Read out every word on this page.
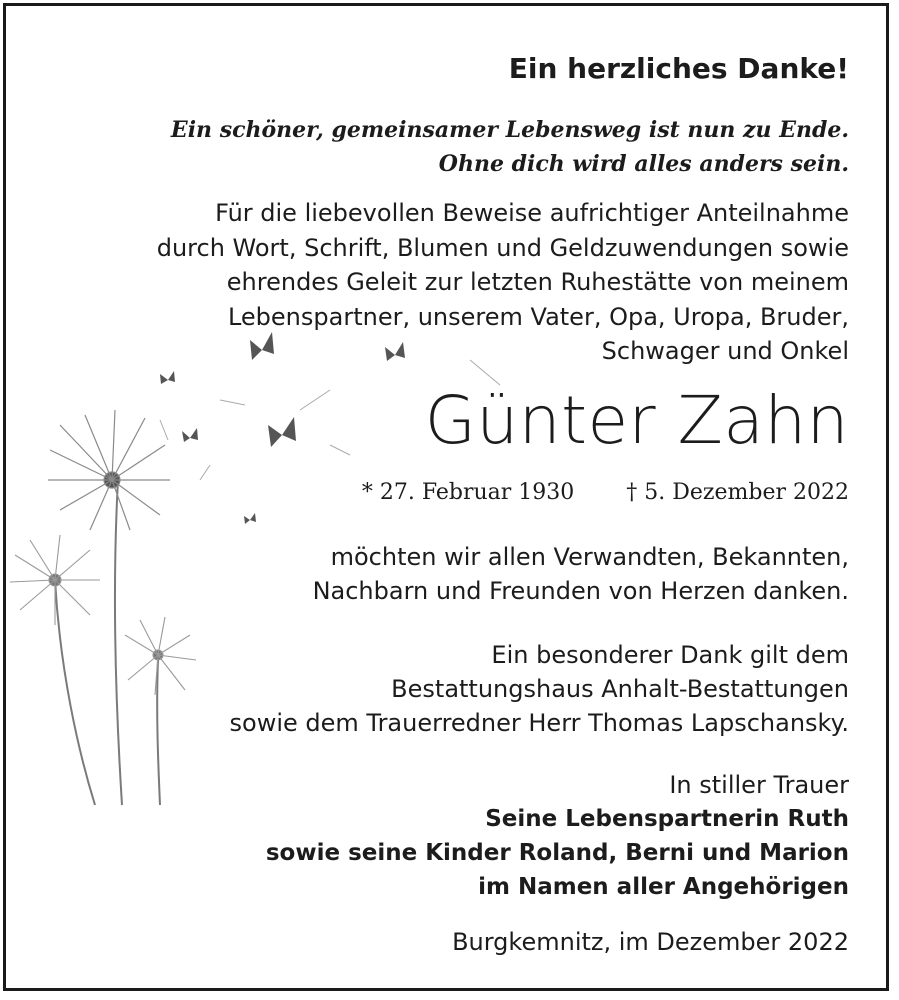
Ein herzliches Danke!
Ein schöner, gemeinsamer Lebensweg ist nun zu Ende.
Ohne dich wird alles anders sein.
Für die liebevollen Beweise aufrichtiger Anteilnahme
durch Wort, Schrift, Blumen und Geldzuwendungen sowie
ehrendes Geleit zur letzten Ruhestätte von meinem
Lebenspartner, unserem Vater, Opa, Uropa, Bruder,
Schwager und Onkel
Günter Zahn
* 27. Februar 1930 † 5. Dezember 2022
möchten wir allen Verwandten, Bekannten,
Nachbarn und Freunden von Herzen danken.
Ein besonderer Dank gilt dem
Bestattungshaus Anhalt-Bestattungen
sowie dem Trauerredner Herr Thomas Lapschansky.
In stiller Trauer
Seine Lebenspartnerin Ruth
sowie seine Kinder Roland, Berni und Marion
im Namen aller Angehörigen
Burgkemnitz, im Dezember 2022
